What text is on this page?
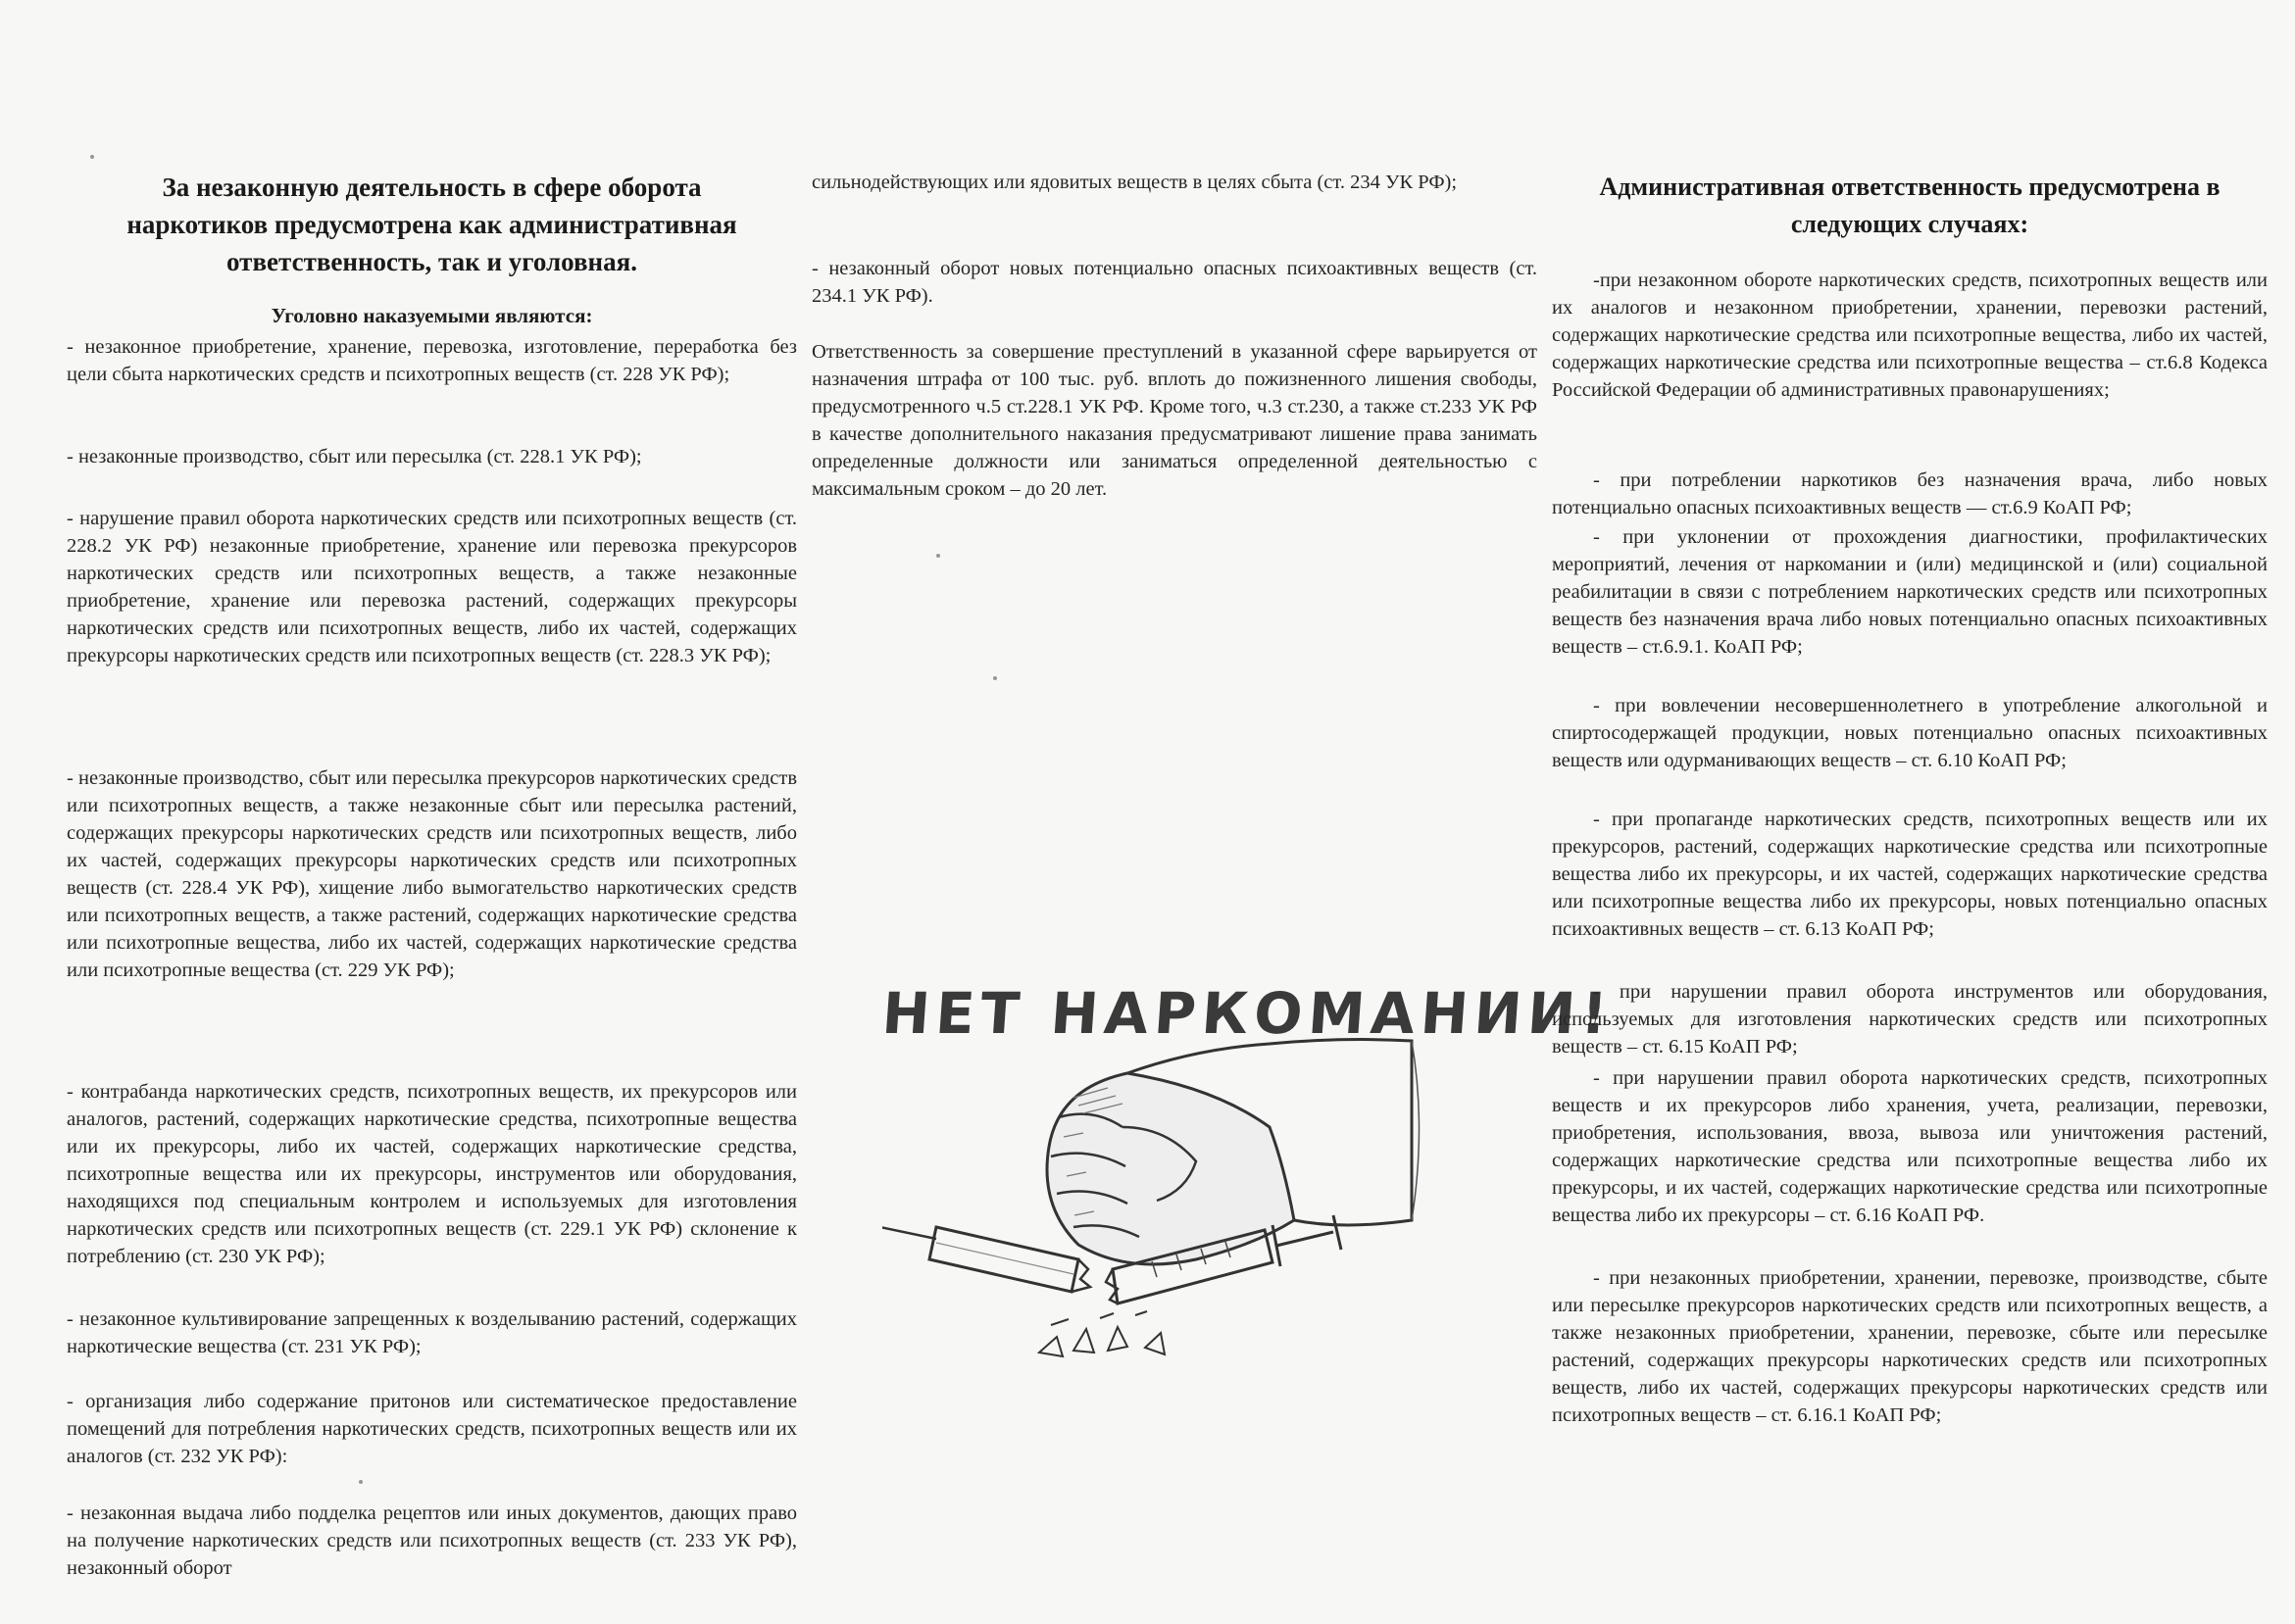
За незаконную деятельность в сфере оборота наркотиков предусмотрена как административная ответственность, так и уголовная.
Уголовно наказуемыми являются:

- незаконное приобретение, хранение, перевозка, изготовление, переработка без цели сбыта наркотических средств и психотропных веществ (ст. 228 УК РФ);

- незаконные производство, сбыт или пересылка (ст. 228.1 УК РФ);

- нарушение правил оборота наркотических средств или психотропных веществ (ст. 228.2 УК РФ) незаконные приобретение, хранение или перевозка прекурсоров наркотических средств или психотропных веществ, а также незаконные приобретение, хранение или перевозка растений, содержащих прекурсоры наркотических средств или психотропных веществ, либо их частей, содержащих прекурсоры наркотических средств или психотропных веществ (ст. 228.3 УК РФ);

- незаконные производство, сбыт или пересылка прекурсоров наркотических средств или психотропных веществ, а также незаконные сбыт или пересылка растений, содержащих прекурсоры наркотических средств или психотропных веществ, либо их частей, содержащих прекурсоры наркотических средств или психотропных веществ (ст. 228.4 УК РФ), хищение либо вымогательство наркотических средств или психотропных веществ, а также растений, содержащих наркотические средства или психотропные вещества, либо их частей, содержащих наркотические средства или психотропные вещества (ст. 229 УК РФ);

- контрабанда наркотических средств, психотропных веществ, их прекурсоров или аналогов, растений, содержащих наркотические средства, психотропные вещества или их прекурсоры, либо их частей, содержащих наркотические средства, психотропные вещества или их прекурсоры, инструментов или оборудования, находящихся под специальным контролем и используемых для изготовления наркотических средств или психотропных веществ (ст. 229.1 УК РФ) склонение к потреблению (ст. 230 УК РФ);

- незаконное культивирование запрещенных к возделыванию растений, содержащих наркотические вещества (ст. 231 УК РФ);

- организация либо содержание притонов или систематическое предоставление помещений для потребления наркотических средств, психотропных веществ или их аналогов (ст. 232 УК РФ):

- незаконная выдача либо подделка рецептов или иных документов, дающих право на получение наркотических средств или психотропных веществ (ст. 233 УК РФ), незаконный оборот

сильнодействующих или ядовитых веществ в целях сбыта (ст. 234 УК РФ);

- незаконный оборот новых потенциально опасных психоактивных веществ (ст. 234.1 УК РФ).

Ответственность за совершение преступлений в указанной сфере варьируется от назначения штрафа от 100 тыс. руб. вплоть до пожизненного лишения свободы, предусмотренного ч.5 ст.228.1 УК РФ. Кроме того, ч.3 ст.230, а также ст.233 УК РФ в качестве дополнительного наказания предусматривают лишение права занимать определенные должности или заниматься определенной деятельностью с максимальным сроком – до 20 лет.

НЕТ НАРКОМАНИИ!
Административная ответственность предусмотрена в следующих случаях:

-при незаконном обороте наркотических средств, психотропных веществ или их аналогов и незаконном приобретении, хранении, перевозки растений, содержащих наркотические средства или психотропные вещества, либо их частей, содержащих наркотические средства или психотропные вещества – ст.6.8 Кодекса Российской Федерации об административных правонарушениях;

- при потреблении наркотиков без назначения врача, либо новых потенциально опасных психоактивных веществ — ст.6.9 КоАП РФ;

- при уклонении от прохождения диагностики, профилактических мероприятий, лечения от наркомании и (или) медицинской и (или) социальной реабилитации в связи с потреблением наркотических средств или психотропных веществ без назначения врача либо новых потенциально опасных психоактивных веществ – ст.6.9.1. КоАП РФ;

- при вовлечении несовершеннолетнего в употребление алкогольной и спиртосодержащей продукции, новых потенциально опасных психоактивных веществ или одурманивающих веществ – ст. 6.10 КоАП РФ;

- при пропаганде наркотических средств, психотропных веществ или их прекурсоров, растений, содержащих наркотические средства или психотропные вещества либо их прекурсоры, и их частей, содержащих наркотические средства или психотропные вещества либо их прекурсоры, новых потенциально опасных психоактивных веществ – ст. 6.13 КоАП РФ;

- при нарушении правил оборота инструментов или оборудования, используемых для изготовления наркотических средств или психотропных веществ – ст. 6.15 КоАП РФ;

- при нарушении правил оборота наркотических средств, психотропных веществ и их прекурсоров либо хранения, учета, реализации, перевозки, приобретения, использования, ввоза, вывоза или уничтожения растений, содержащих наркотические средства или психотропные вещества либо их прекурсоры, и их частей, содержащих наркотические средства или психотропные вещества либо их прекурсоры – ст. 6.16 КоАП РФ.

- при незаконных приобретении, хранении, перевозке, производстве, сбыте или пересылке прекурсоров наркотических средств или психотропных веществ, а также незаконных приобретении, хранении, перевозке, сбыте или пересылке растений, содержащих прекурсоры наркотических средств или психотропных веществ, либо их частей, содержащих прекурсоры наркотических средств или психотропных веществ – ст. 6.16.1 КоАП РФ;
